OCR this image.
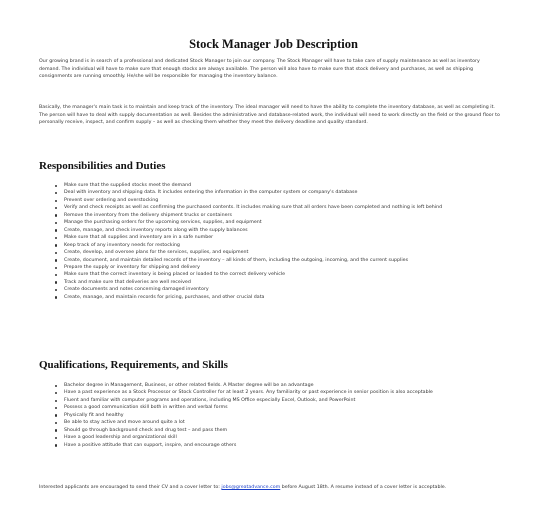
Stock Manager Job Description

Our growing brand is in search of a professional and dedicated Stock Manager to join our company. The Stock Manager will have to take care of supply maintenance as well as inventory demand. The individual will have to make sure that enough stocks are always available. The person will also have to make sure that stock delivery and purchases, as well as shipping consignments are running smoothly. He/she will be responsible for managing the inventory balance.

Basically, the manager's main task is to maintain and keep track of the inventory. The ideal manager will need to have the ability to complete the inventory database, as well as completing it. The person will have to deal with supply documentation as well. Besides the administrative and database-related work, the individual will need to work directly on the field or the ground floor to personally receive, inspect, and confirm supply – as well as checking them whether they meet the delivery deadline and quality standard.

Responsibilities and Duties
Make sure that the supplied stocks meet the demand
Deal with inventory and shipping data. It includes entering the information in the computer system or company's database
Prevent over ordering and overstocking
Verify and check receipts as well as confirming the purchased contents. It includes making sure that all orders have been completed and nothing is left behind
Remove the inventory from the delivery shipment trucks or containers
Manage the purchasing orders for the upcoming services, supplies, and equipment
Create, manage, and check inventory reports along with the supply balances
Make sure that all supplies and inventory are in a safe number
Keep track of any inventory needs for restocking
Create, develop, and oversee plans for the services, supplies, and equipment
Create, document, and maintain detailed records of the inventory – all kinds of them, including the outgoing, incoming, and the current supplies
Prepare the supply or inventory for shipping and delivery
Make sure that the correct inventory is being placed or loaded to the correct delivery vehicle
Track and make sure that deliveries are well received
Create documents and notes concerning damaged inventory
Create, manage, and maintain records for pricing, purchases, and other crucial data
Qualifications, Requirements, and Skills
Bachelor degree in Management, Business, or other related fields. A Master degree will be an advantage
Have a past experience as a Stock Processor or Stock Controller for at least 2 years. Any familiarity or past experience in senior position is also acceptable
Fluent and familiar with computer programs and operations, including MS Office especially Excel, Outlook, and PowerPoint
Possess a good communication skill both in written and verbal forms
Physically fit and healthy
Be able to stay active and move around quite a lot
Should go through background check and drug test – and pass them
Have a good leadership and organizational skill
Have a positive attitude that can support, inspire, and encourage others

Interested applicants are encouraged to send their CV and a cover letter to: jobs@greatadvance.com before August 18th. A resume instead of a cover letter is acceptable.
